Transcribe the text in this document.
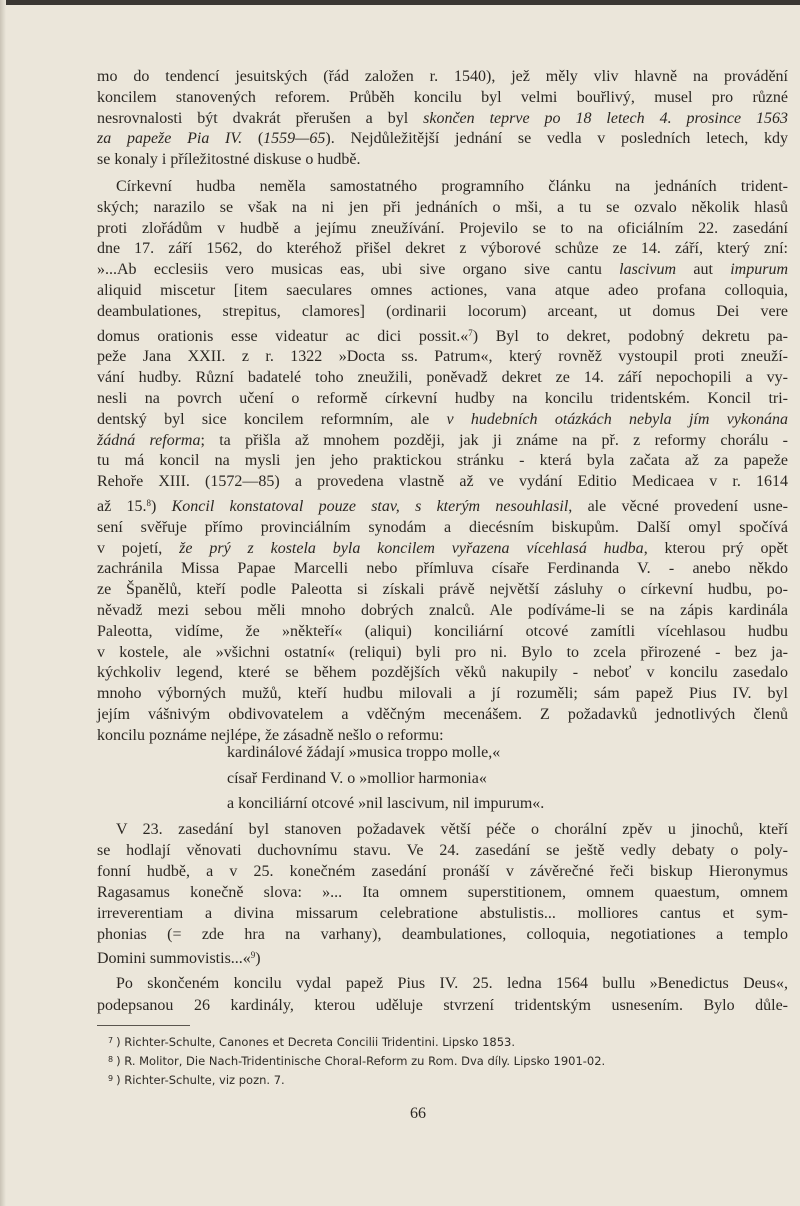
mo do tendencí jesuitských (řád založen r. 1540), jež měly vliv hlavně na provádění
koncilem stanovených reforem. Průběh koncilu byl velmi bouřlivý, musel pro různé
nesrovnalosti být dvakrát přerušen a byl skončen teprve po 18 letech 4. prosince 1563
za papeže Pia IV. (1559—65). Nejdůležitější jednání se vedla v posledních letech, kdy
se konaly i příležitostné diskuse o hudbě.
Církevní hudba neměla samostatného programního článku na jednáních trident-
ských; narazilo se však na ni jen při jednáních o mši, a tu se ozvalo několik hlasů
proti zlořádům v hudbě a jejímu zneužívání. Projevilo se to na oficiálním 22. zasedání
dne 17. září 1562, do kteréhož přišel dekret z výborové schůze ze 14. září, který zní:
»...Ab ecclesiis vero musicas eas, ubi sive organo sive cantu lascivum aut impurum
aliquid miscetur [item saeculares omnes actiones, vana atque adeo profana colloquia,
deambulationes, strepitus, clamores] (ordinarii locorum) arceant, ut domus Dei vere
domus orationis esse videatur ac dici possit.«$^7$) Byl to dekret, podobný dekretu pa-
peže Jana XXII. z r. 1322 »Docta ss. Patrum«, který rovněž vystoupil proti zneuží-
vání hudby. Různí badatelé toho zneužili, poněvadž dekret ze 14. září nepochopili a vy-
nesli na povrch učení o reformě církevní hudby na koncilu tridentském. Koncil tri-
dentský byl sice koncilem reformním, ale v hudebních otázkách nebyla jím vykonána
žádná reforma; ta přišla až mnohem později, jak ji známe na př. z reformy chorálu -
tu má koncil na mysli jen jeho praktickou stránku - která byla začata až za papeže
Rehoře XIII. (1572—85) a provedena vlastně až ve vydání Editio Medicaea v r. 1614
až 15.$^8$) Koncil konstatoval pouze stav, s kterým nesouhlasil, ale věcné provedení usne-
sení svěřuje přímo provinciálním synodám a diecésním biskupům. Další omyl spočívá
v pojetí, že prý z kostela byla koncilem vyřazena vícehlasá hudba, kterou prý opět
zachránila Missa Papae Marcelli nebo přímluva císaře Ferdinanda V. - anebo někdo
ze Španělů, kteří podle Paleotta si získali právě největší zásluhy o církevní hudbu, po-
něvadž mezi sebou měli mnoho dobrých znalců. Ale podíváme-li se na zápis kardinála
Paleotta, vidíme, že »někteří« (aliqui) konciliární otcové zamítli vícehlasou hudbu
v kostele, ale »všichni ostatní« (reliqui) byli pro ni. Bylo to zcela přirozené - bez ja-
kýchkoliv legend, které se během pozdějších věků nakupily - neboť v koncilu zasedalo
mnoho výborných mužů, kteří hudbu milovali a jí rozuměli; sám papež Pius IV. byl
jejím vášnivým obdivovatelem a vděčným mecenášem. Z požadavků jednotlivých členů
koncilu poznáme nejlépe, že zásadně nešlo o reformu:
kardinálové žádají »musica troppo molle,«
císař Ferdinand V. o »mollior harmonia«
a konciliární otcové »nil lascivum, nil impurum«.
V 23. zasedání byl stanoven požadavek větší péče o chorální zpěv u jinochů, kteří
se hodlají věnovati duchovnímu stavu. Ve 24. zasedání se ještě vedly debaty o poly-
fonní hudbě, a v 25. konečném zasedání pronáší v závěrečné řeči biskup Hieronymus
Ragasamus konečně slova: »... Ita omnem superstitionem, omnem quaestum, omnem
irreverentiam a divina missarum celebratione abstulistis... molliores cantus et sym-
phonias (= zde hra na varhany), deambulationes, colloquia, negotiationes a templo
Domini summovistis...«$^9$)
Po skončeném koncilu vydal papež Pius IV. 25. ledna 1564 bullu »Benedictus Deus«,
podepsanou 26 kardinály, kterou uděluje stvrzení tridentským usnesením. Bylo důle-
$^7$ ) Richter-Schulte, Canones et Decreta Concilii Tridentini. Lipsko 1853.
$^8$ ) R. Molitor, Die Nach-Tridentinische Choral-Reform zu Rom. Dva díly. Lipsko 1901-02.
$^9$ ) Richter-Schulte, viz pozn. 7.
66
